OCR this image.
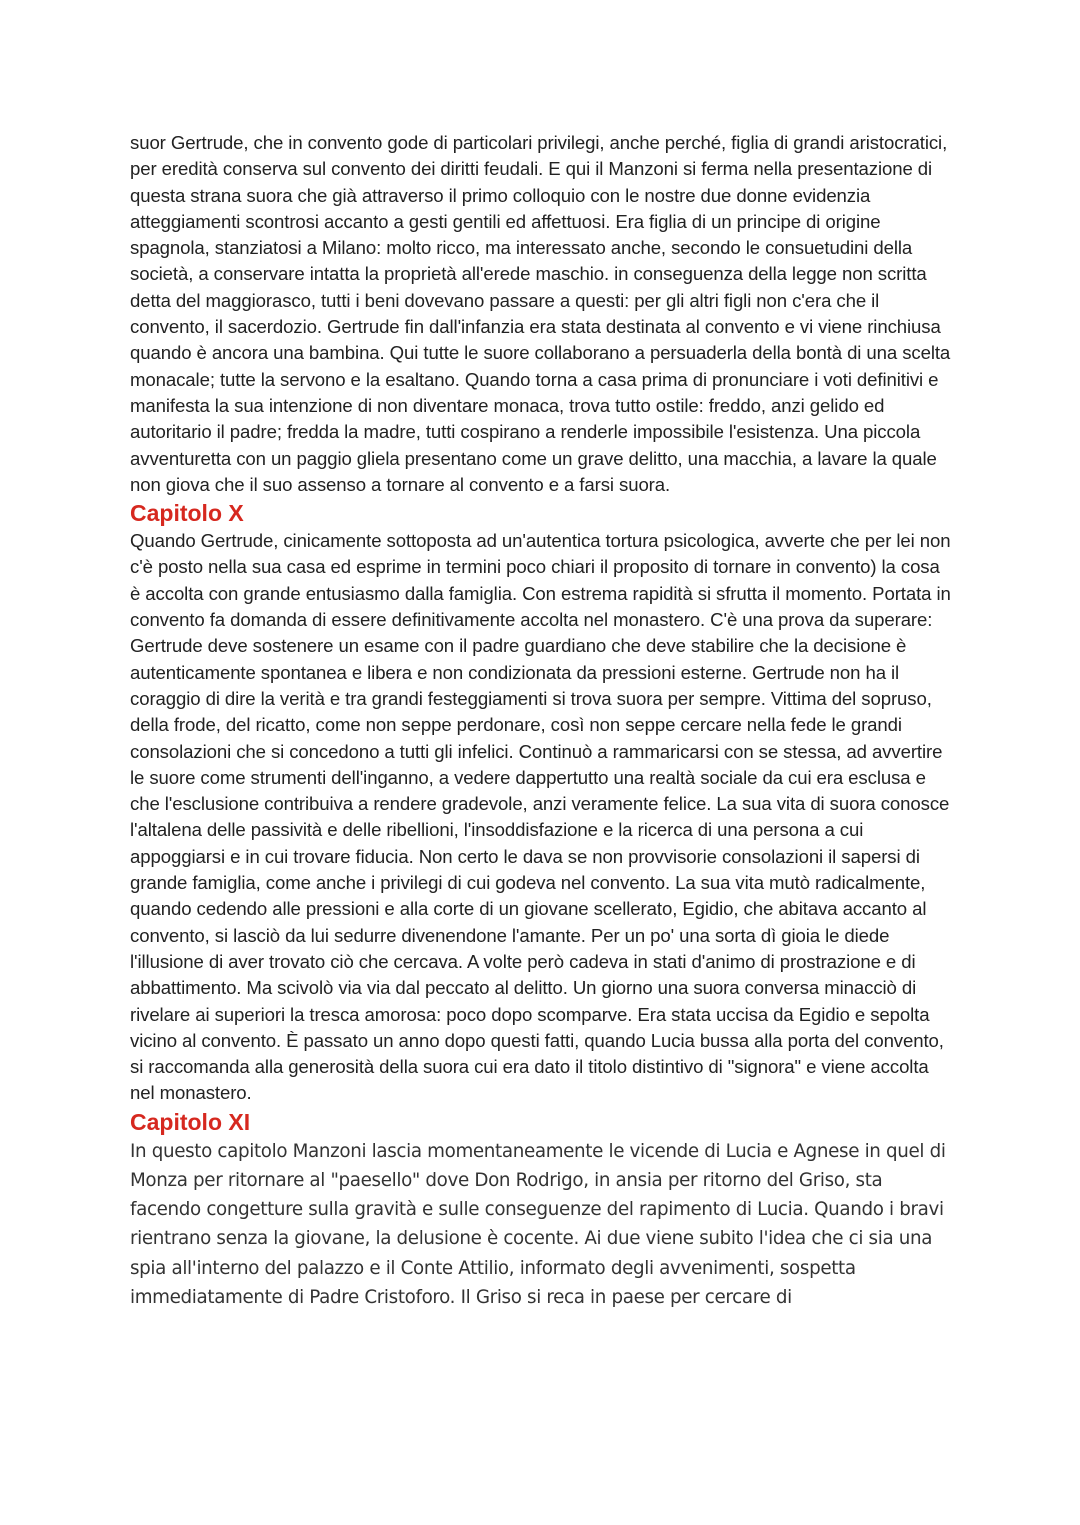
suor Gertrude, che in convento gode di particolari privilegi, anche perché, figlia di grandi aristocratici, per eredità conserva sul convento dei diritti feudali. E qui il Manzoni si ferma nella presentazione di questa strana suora che già attraverso il primo colloquio con le nostre due donne evidenzia atteggiamenti scontrosi accanto a gesti gentili ed affettuosi. Era figlia di un principe di origine spagnola, stanziatosi a Milano: molto ricco, ma interessato anche, secondo le consuetudini della società, a conservare intatta la proprietà all'erede maschio. in conseguenza della legge non scritta detta del maggiorasco, tutti i beni dovevano passare a questi: per gli altri figli non c'era che il convento, il sacerdozio. Gertrude fin dall'infanzia era stata destinata al convento e vi viene rinchiusa quando è ancora una bambina. Qui tutte le suore collaborano a persuaderla della bontà di una scelta monacale; tutte la servono e la esaltano. Quando torna a casa prima di pronunciare i voti definitivi e manifesta la sua intenzione di non diventare monaca, trova tutto ostile: freddo, anzi gelido ed autoritario il padre; fredda la madre, tutti cospirano a renderle impossibile l'esistenza. Una piccola avventuretta con un paggio gliela presentano come un grave delitto, una macchia, a lavare la quale non giova che il suo assenso a tornare al convento e a farsi suora.

Capitolo X

Quando Gertrude, cinicamente sottoposta ad un'autentica tortura psicologica, avverte che per lei non c'è posto nella sua casa ed esprime in termini poco chiari il proposito di tornare in convento) la cosa è accolta con grande entusiasmo dalla famiglia. Con estrema rapidità si sfrutta il momento. Portata in convento fa domanda di essere definitivamente accolta nel monastero. C'è una prova da superare: Gertrude deve sostenere un esame con il padre guardiano che deve stabilire che la decisione è autenticamente spontanea e libera e non condizionata da pressioni esterne. Gertrude non ha il coraggio di dire la verità e tra grandi festeggiamenti si trova suora per sempre. Vittima del sopruso, della frode, del ricatto, come non seppe perdonare, così non seppe cercare nella fede le grandi consolazioni che si concedono a tutti gli infelici. Continuò a rammaricarsi con se stessa, ad avvertire le suore come strumenti dell'inganno, a vedere dappertutto una realtà sociale da cui era esclusa e che l'esclusione contribuiva a rendere gradevole, anzi veramente felice. La sua vita di suora conosce l'altalena delle passività e delle ribellioni, l'insoddisfazione e la ricerca di una persona a cui appoggiarsi e in cui trovare fiducia. Non certo le dava se non provvisorie consolazioni il sapersi di grande famiglia, come anche i privilegi di cui godeva nel convento. La sua vita mutò radicalmente, quando cedendo alle pressioni e alla corte di un giovane scellerato, Egidio, che abitava accanto al convento, si lasciò da lui sedurre divenendone l'amante. Per un po' una sorta dì gioia le diede l'illusione di aver trovato ciò che cercava. A volte però cadeva in stati d'animo di prostrazione e di abbattimento. Ma scivolò via via dal peccato al delitto. Un giorno una suora conversa minacciò di rivelare ai superiori la tresca amorosa: poco dopo scomparve. Era stata uccisa da Egidio e sepolta vicino al convento. È passato un anno dopo questi fatti, quando Lucia bussa alla porta del convento, si raccomanda alla generosità della suora cui era dato il titolo distintivo di "signora" e viene accolta nel monastero.

Capitolo XI

In questo capitolo Manzoni lascia momentaneamente le vicende di Lucia e Agnese in quel di Monza per ritornare al "paesello" dove Don Rodrigo, in ansia per ritorno del Griso, sta facendo congetture sulla gravità e sulle conseguenze del rapimento di Lucia. Quando i bravi rientrano senza la giovane, la delusione è cocente. Ai due viene subito l'idea che ci sia una spia all'interno del palazzo e il Conte Attilio, informato degli avvenimenti, sospetta immediatamente di Padre Cristoforo. Il Griso si reca in paese per cercare di
